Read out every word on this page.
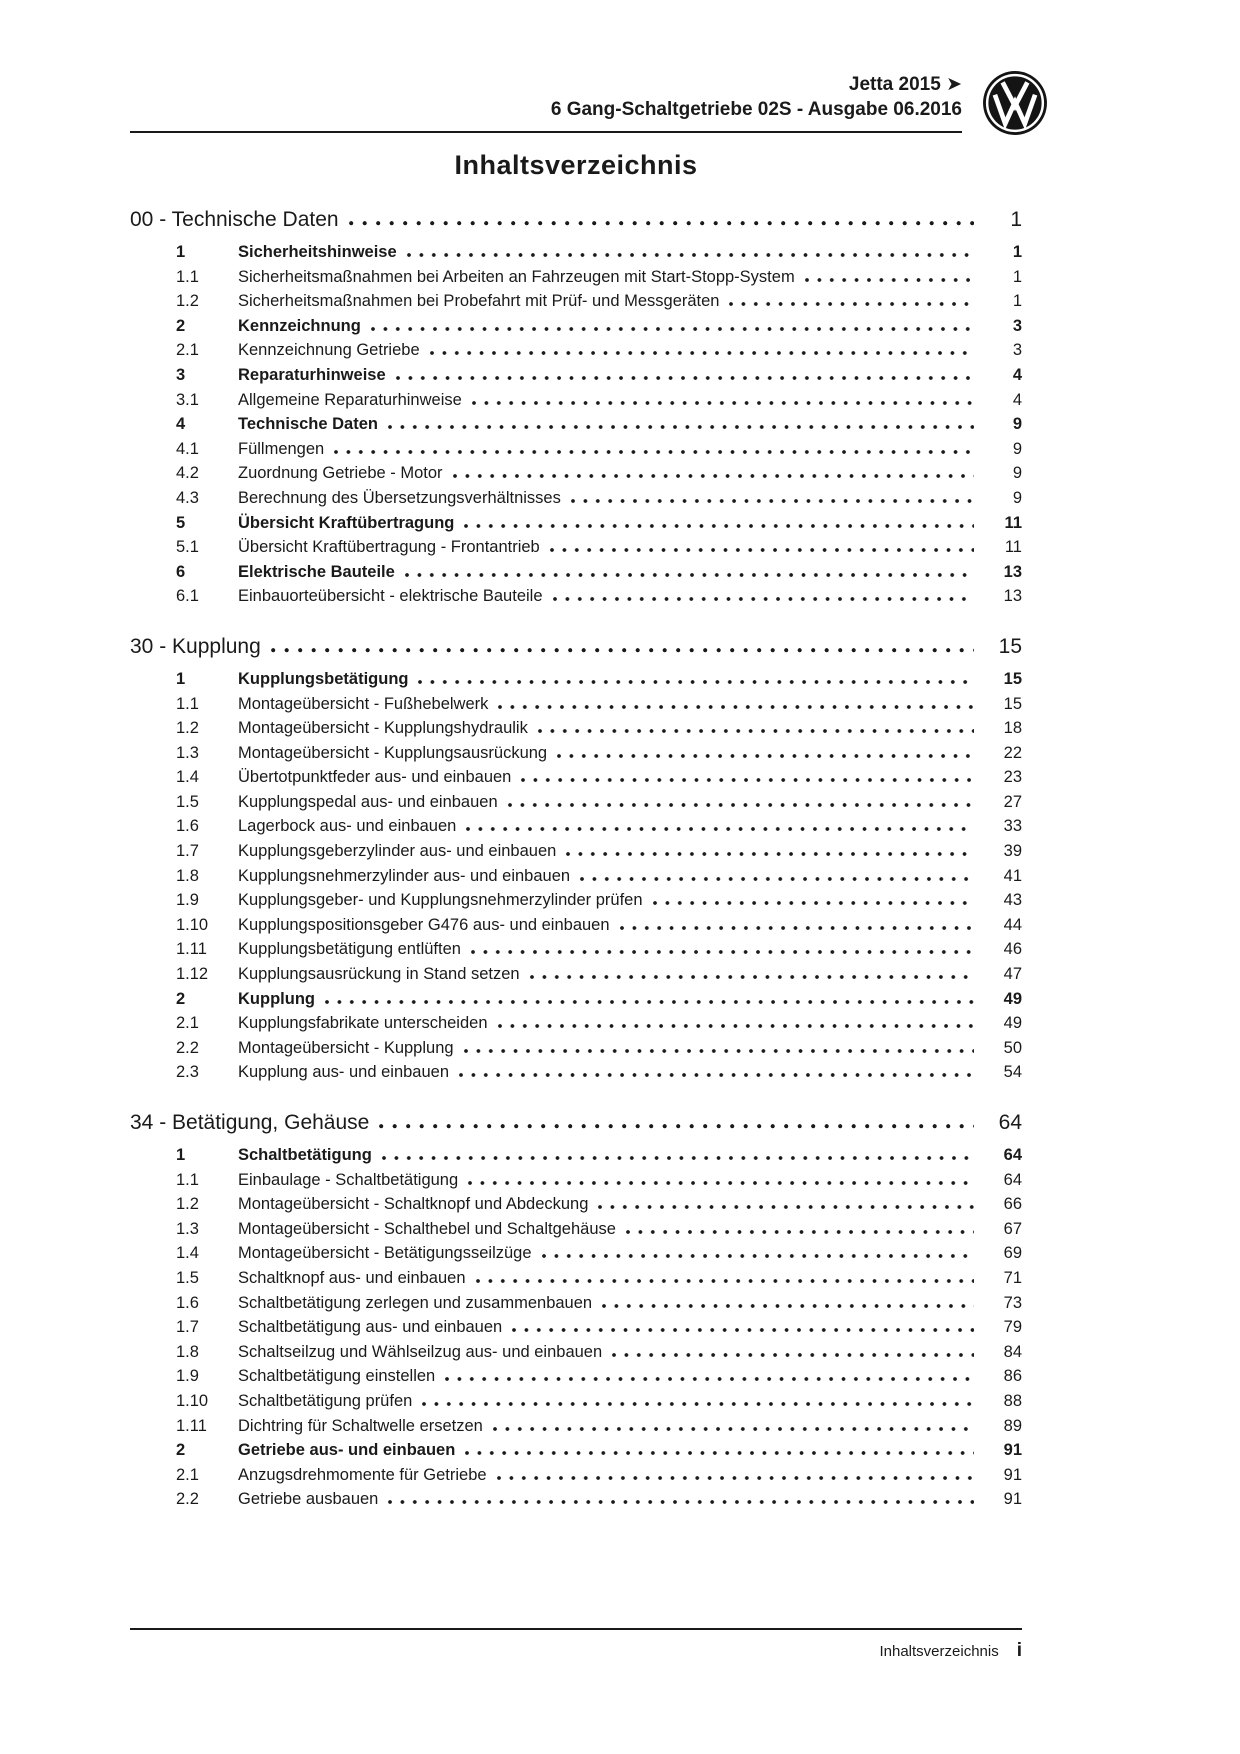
Jetta 2015 ➤
6 Gang-Schaltgetriebe 02S - Ausgabe 06.2016
Inhaltsverzeichnis
00 - Technische Daten	1
1	Sicherheitshinweise	1
1.1	Sicherheitsmaßnahmen bei Arbeiten an Fahrzeugen mit Start-Stopp-System	1
1.2	Sicherheitsmaßnahmen bei Probefahrt mit Prüf- und Messgeräten	1
2	Kennzeichnung	3
2.1	Kennzeichnung Getriebe	3
3	Reparaturhinweise	4
3.1	Allgemeine Reparaturhinweise	4
4	Technische Daten	9
4.1	Füllmengen	9
4.2	Zuordnung Getriebe - Motor	9
4.3	Berechnung des Übersetzungsverhältnisses	9
5	Übersicht Kraftübertragung	11
5.1	Übersicht Kraftübertragung - Frontantrieb	11
6	Elektrische Bauteile	13
6.1	Einbauorteübersicht - elektrische Bauteile	13
30 - Kupplung	15
1	Kupplungsbetätigung	15
1.1	Montageübersicht - Fußhebelwerk	15
1.2	Montageübersicht - Kupplungshydraulik	18
1.3	Montageübersicht - Kupplungsausrückung	22
1.4	Übertotpunktfeder aus- und einbauen	23
1.5	Kupplungspedal aus- und einbauen	27
1.6	Lagerbock aus- und einbauen	33
1.7	Kupplungsgeberzylinder aus- und einbauen	39
1.8	Kupplungsnehmerzylinder aus- und einbauen	41
1.9	Kupplungsgeber- und Kupplungsnehmerzylinder prüfen	43
1.10	Kupplungspositionsgeber G476 aus- und einbauen	44
1.11	Kupplungsbetätigung entlüften	46
1.12	Kupplungsausrückung in Stand setzen	47
2	Kupplung	49
2.1	Kupplungsfabrikate unterscheiden	49
2.2	Montageübersicht - Kupplung	50
2.3	Kupplung aus- und einbauen	54
34 - Betätigung, Gehäuse	64
1	Schaltbetätigung	64
1.1	Einbaulage - Schaltbetätigung	64
1.2	Montageübersicht - Schaltknopf und Abdeckung	66
1.3	Montageübersicht - Schalthebel und Schaltgehäuse	67
1.4	Montageübersicht - Betätigungsseilzüge	69
1.5	Schaltknopf aus- und einbauen	71
1.6	Schaltbetätigung zerlegen und zusammenbauen	73
1.7	Schaltbetätigung aus- und einbauen	79
1.8	Schaltseilzug und Wählseilzug aus- und einbauen	84
1.9	Schaltbetätigung einstellen	86
1.10	Schaltbetätigung prüfen	88
1.11	Dichtring für Schaltwelle ersetzen	89
2	Getriebe aus- und einbauen	91
2.1	Anzugsdrehmomente für Getriebe	91
2.2	Getriebe ausbauen	91
Inhaltsverzeichnis i
